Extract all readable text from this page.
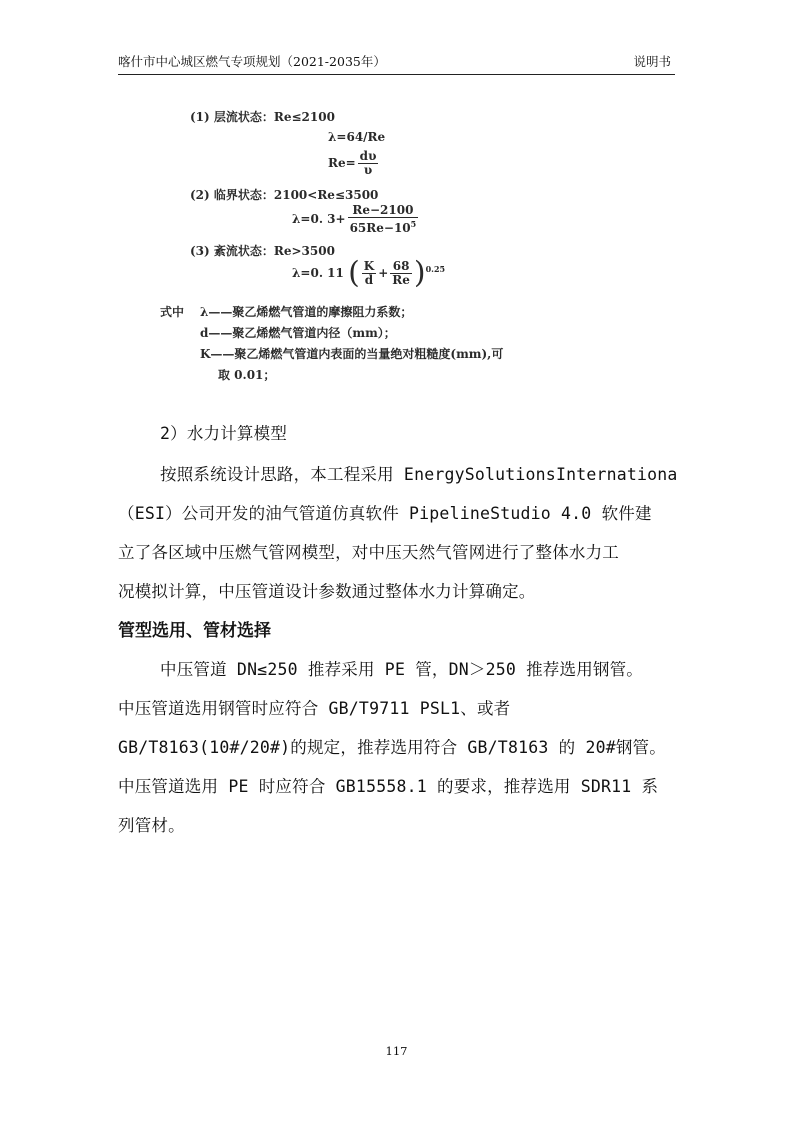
喀什市中心城区燃气专项规划（2021-2035年）	说明书
(1) 层流状态：Re≤2100
λ=64/Re
$Re= \frac{d\upsilon}{\upsilon}$
(2) 临界状态：2100<Re≤3500
λ=0. $3+ \frac{Re-2100}{65Re-10^5}$
(3) 紊流状态：Re>3500
λ=0. 11 ( $\frac{K}{d} + \frac{68}{Re} )^{0.25}$
式中 λ——聚乙烯燃气管道的摩擦阻力系数；
d——聚乙烯燃气管道内径（mm）；
K——聚乙烯燃气管道内表面的当量绝对粗糙度(mm),可
取 0.01；
2）水力计算模型
按照系统设计思路，本工程采用 EnergySolutionsInternationa
（ESI）公司开发的油气管道仿真软件 PipelineStudio 4.0 软件建
立了各区域中压燃气管网模型，对中压天然气管网进行了整体水力工
况模拟计算，中压管道设计参数通过整体水力计算确定。
中压管道 DN≤250 推荐采用 PE 管，DN＞250 推荐选用钢管。
中压管道选用钢管时应符合 GB/T9711 PSL1、或者
GB/T8163(10#/20#)的规定，推荐选用符合 GB/T8163 的 20#钢管。
中压管道选用 PE 时应符合 GB15558.1 的要求，推荐选用 SDR11 系
列管材。
管型选用、管材选择
117
